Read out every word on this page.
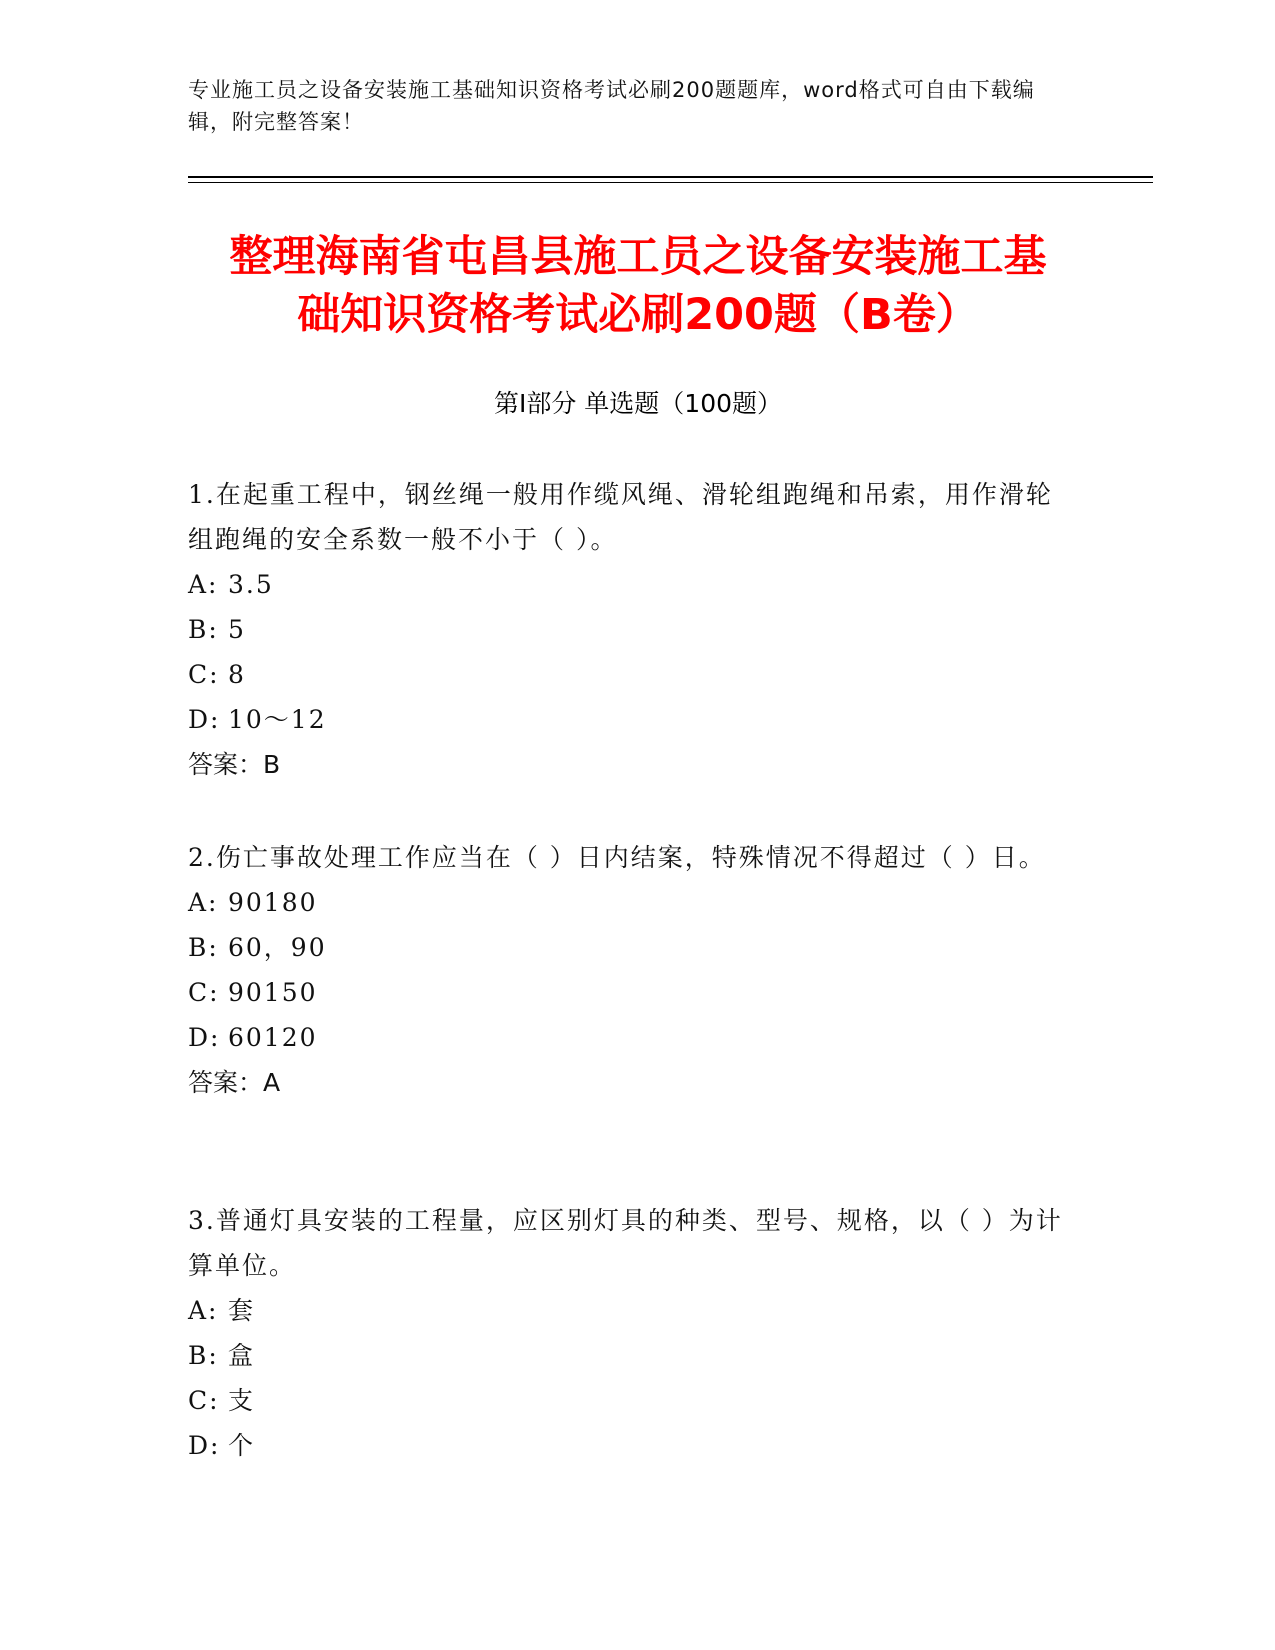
专业施工员之设备安装施工基础知识资格考试必刷200题题库，word格式可自由下载编辑，附完整答案！
整理海南省屯昌县施工员之设备安装施工基
础知识资格考试必刷200题（B卷）
第I部分 单选题（100题）

1.在起重工程中，钢丝绳一般用作缆风绳、滑轮组跑绳和吊索，用作滑轮组跑绳的安全系数一般不小于（ ）。

A: 3.5

B: 5

C: 8

D: 10～12

答案：B

2.伤亡事故处理工作应当在（ ）日内结案，特殊情况不得超过（ ）日。

A: 90180

B: 60，90

C: 90150

D: 60120

答案：A

3.普通灯具安装的工程量，应区别灯具的种类、型号、规格，以（ ）为计算单位。

A: 套

B: 盒

C: 支

D: 个
